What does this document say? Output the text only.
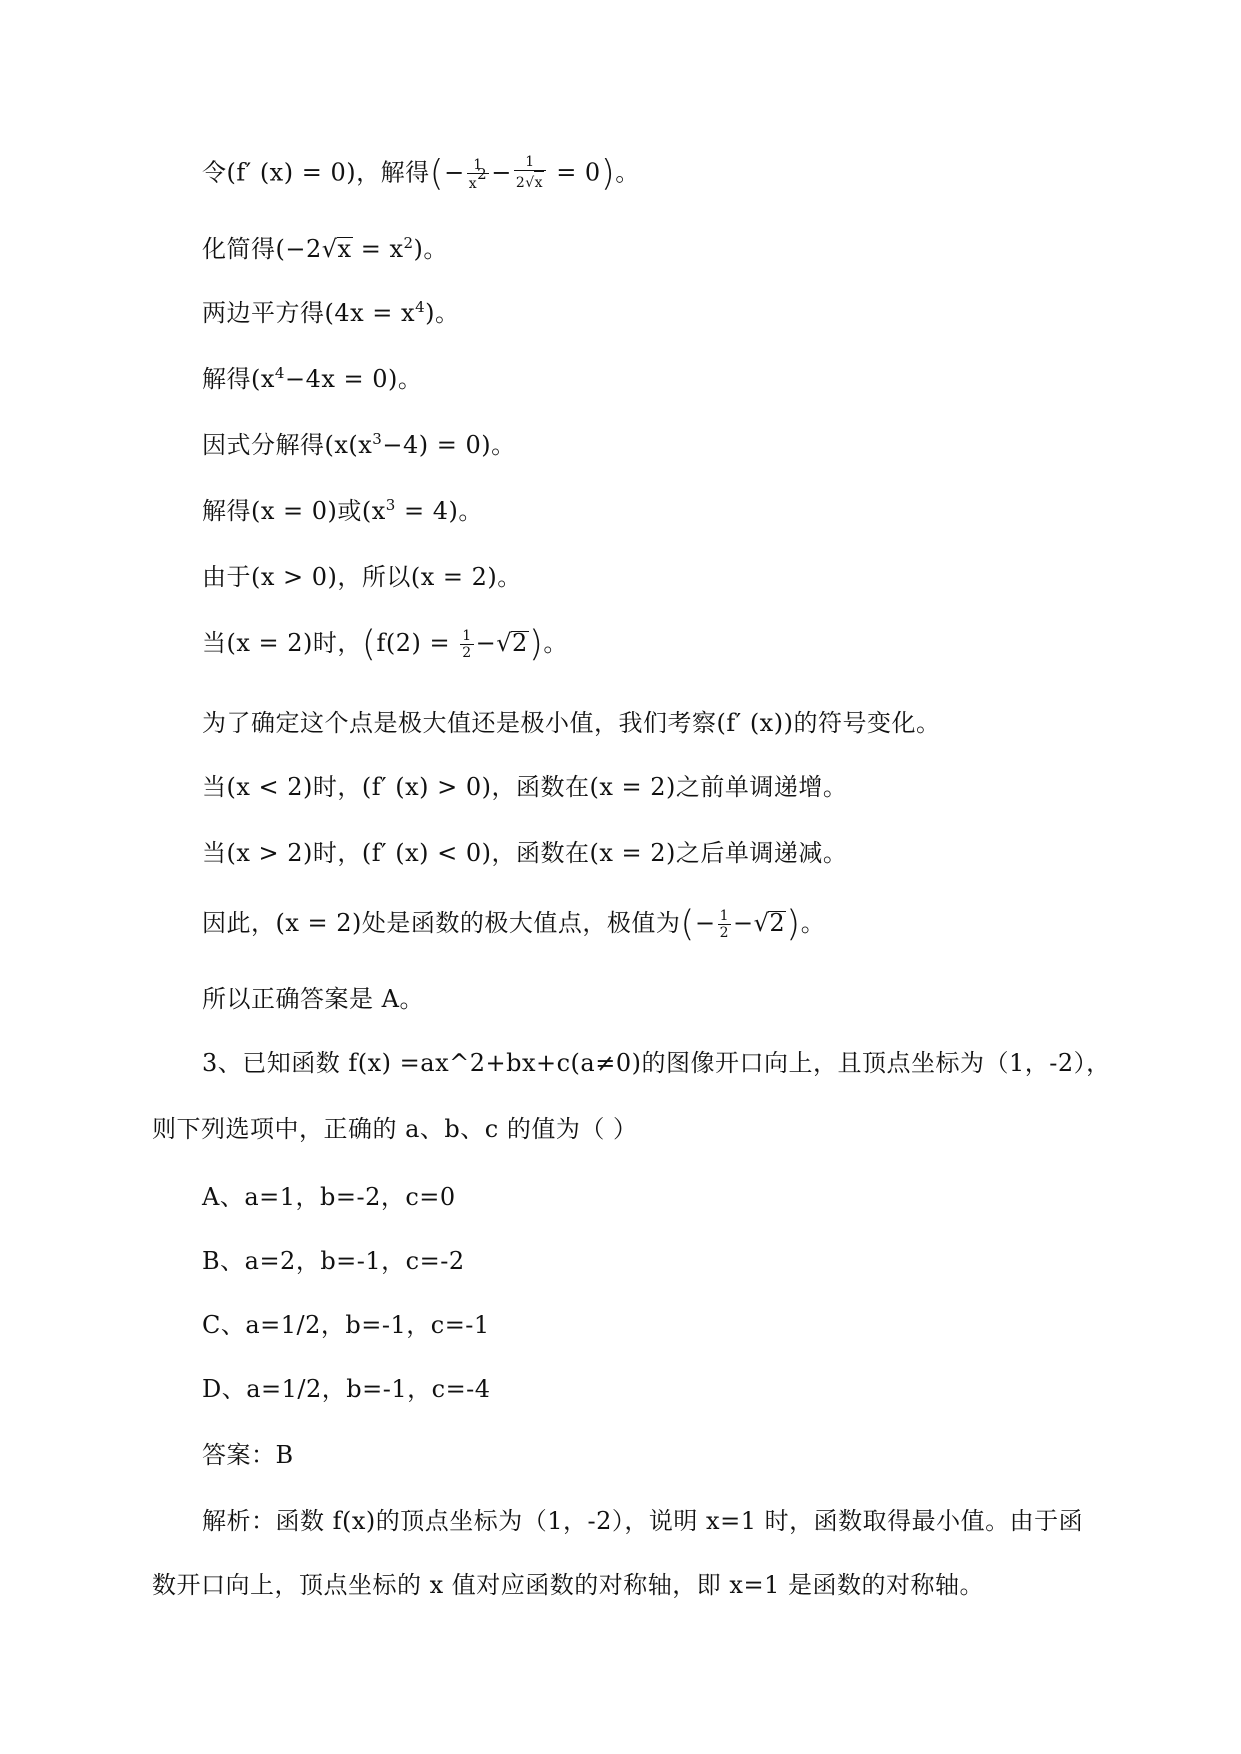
令(f′ (x) = 0)，解得(− $\frac{1}{x^2} - \frac{1}{2√x} = 0$)。
化简得$(-2√x = x^2)$。
两边平方得$(4x = x^4)$。
解得$(x^4-4x = 0)$。
因式分解得$(x(x^3-4) = 0)$。
解得(x = 0)或$(x^3 = 4)$。
由于(x > 0)，所以(x = 2)。
当(x = 2)时，$(f(2) = \frac{1}{2} -√2)$。
为了确定这个点是极大值还是极小值，我们考察(f′ (x))的符号变化。
当(x < 2)时，(f′ (x) > 0)，函数在(x = 2)之前单调递增。
当(x > 2)时，(f′ (x) < 0)，函数在(x = 2)之后单调递减。
因此，(x = 2)处是函数的极大值点，极值为(− $\frac{1}{2} -√2$)。
所以正确答案是 A。
3、已知函数 f(x) =ax^2+bx+c(a≠0)的图像开口向上，且顶点坐标为（1，-2），
则下列选项中，正确的 a、b、c 的值为（ ）
A、a=1，b=-2，c=0
B、a=2，b=-1，c=-2
C、a=1/2，b=-1，c=-1
D、a=1/2，b=-1，c=-4
答案：B
解析：函数 f(x)的顶点坐标为（1，-2），说明 x=1 时，函数取得最小值。由于函
数开口向上，顶点坐标的 x 值对应函数的对称轴，即 x=1 是函数的对称轴。
